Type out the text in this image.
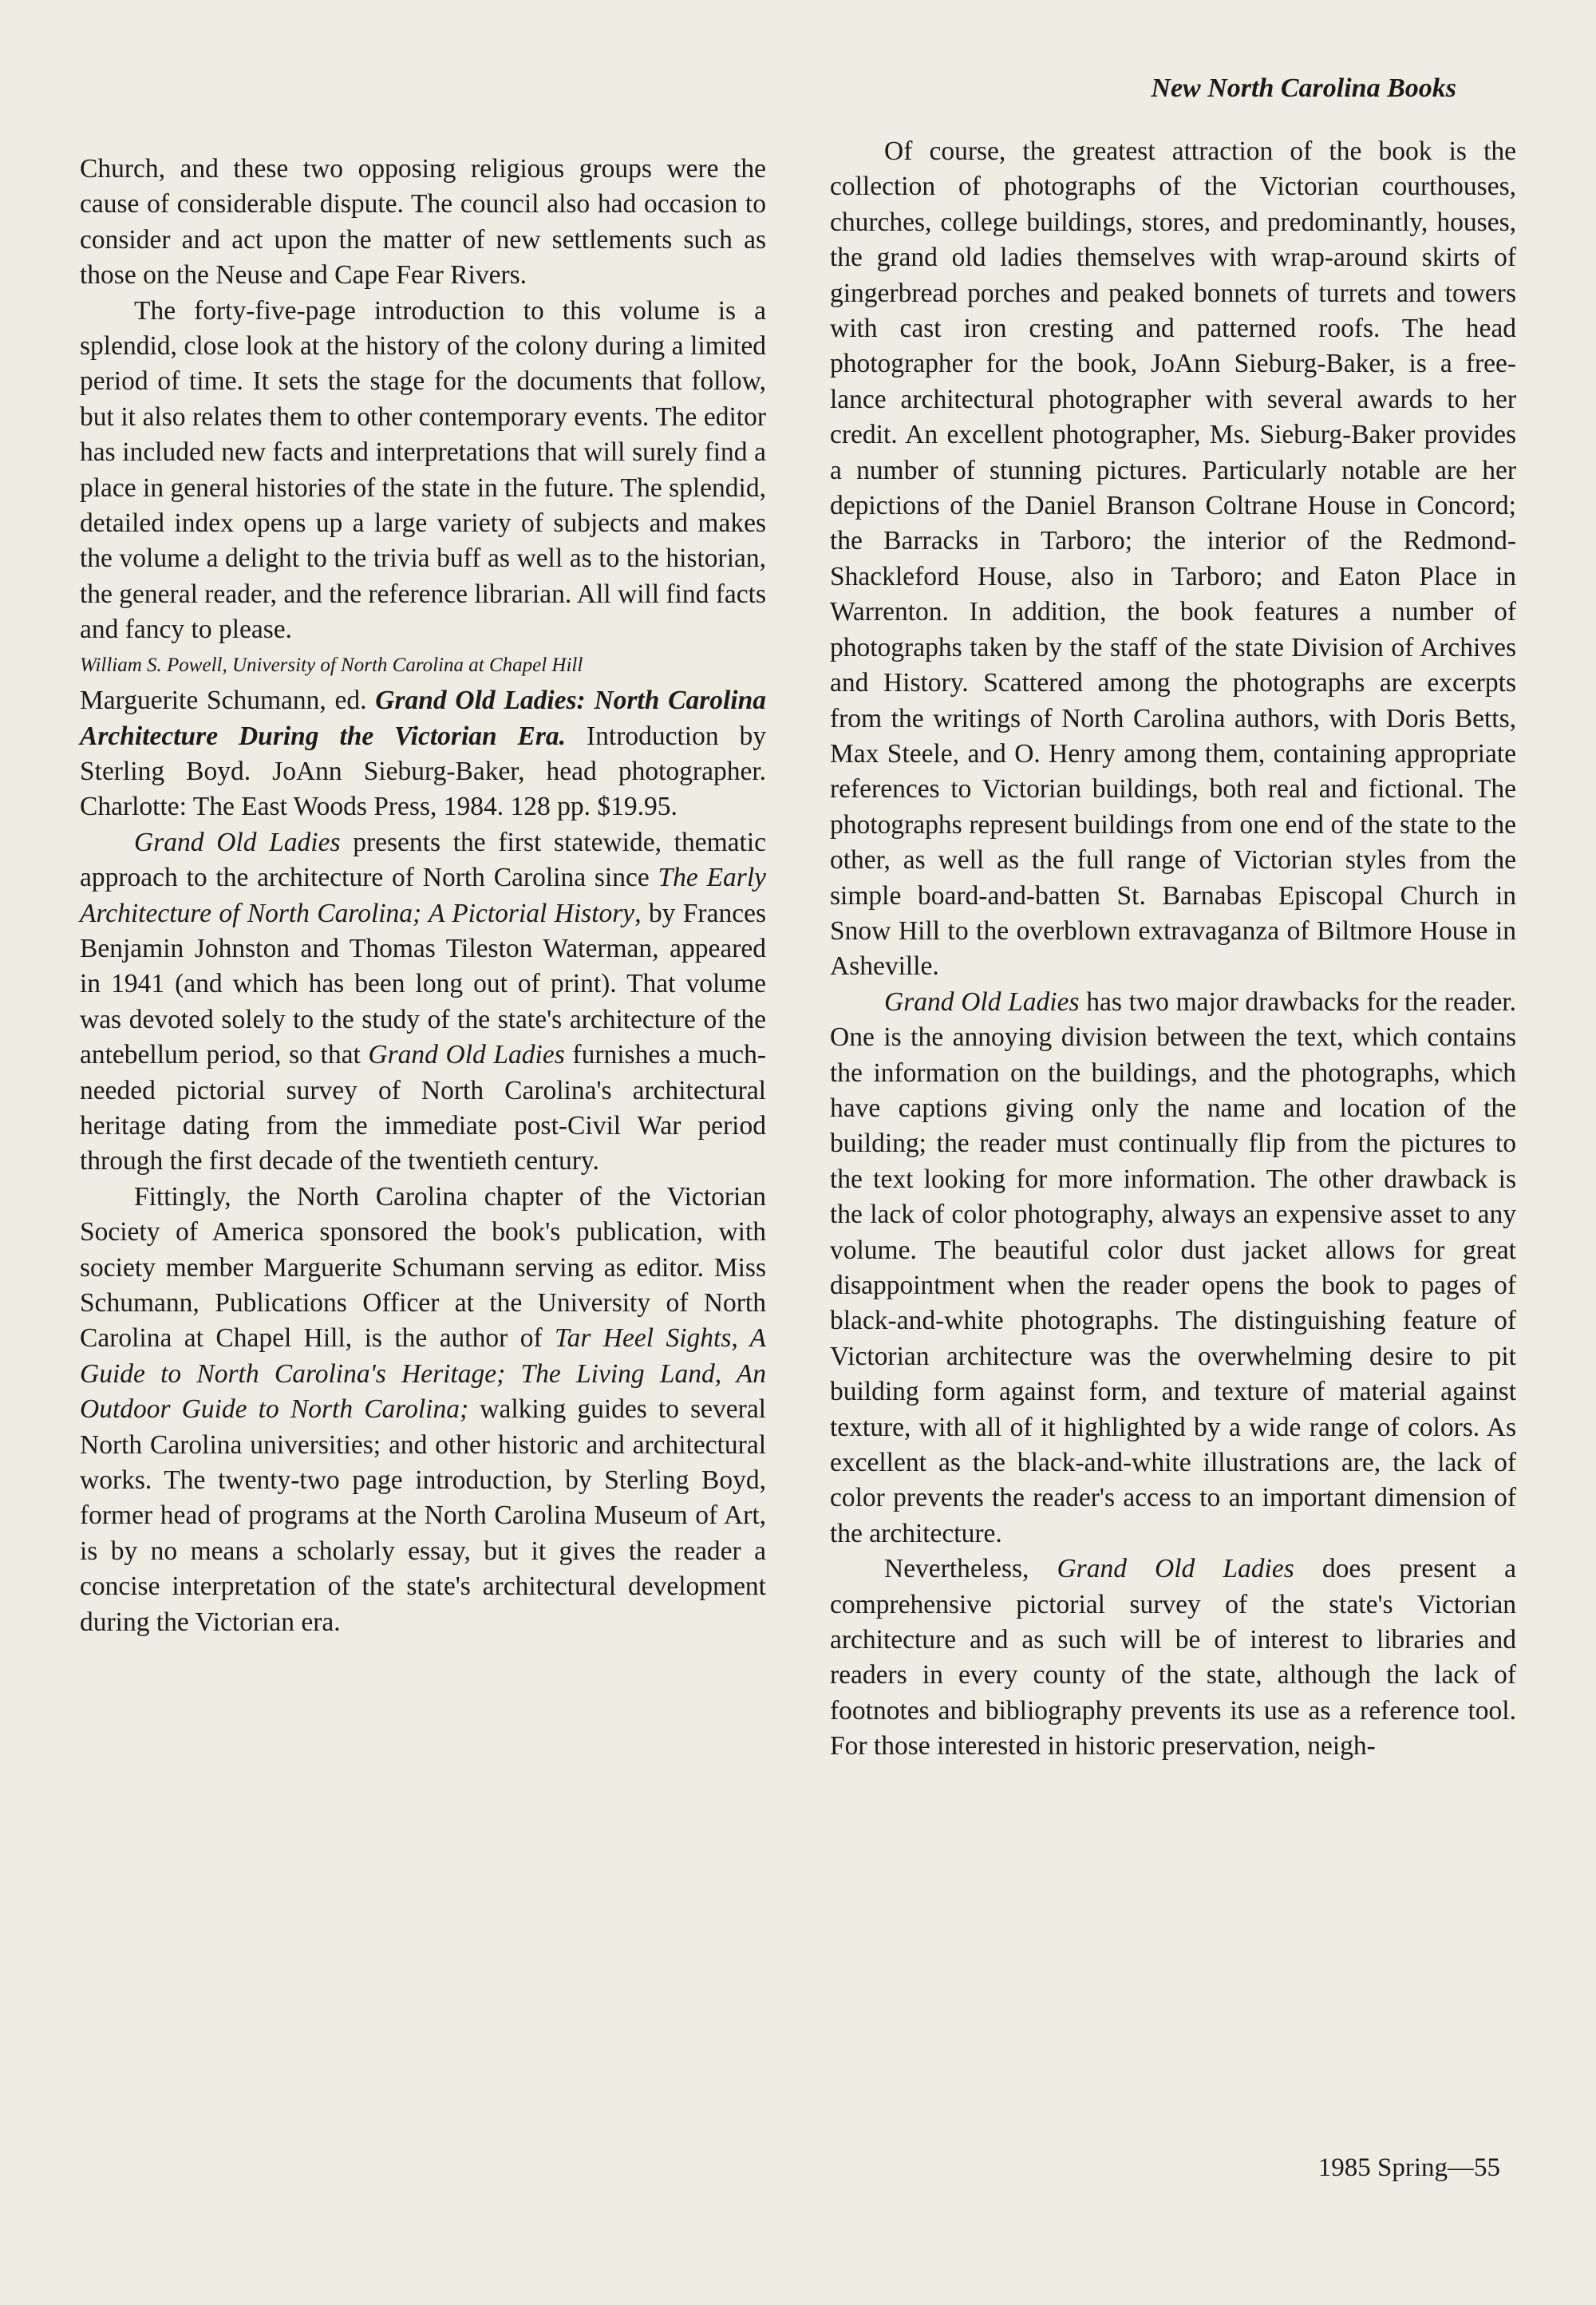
New North Carolina Books

Church, and these two opposing religious groups were the cause of considerable dispute. The council also had occasion to consider and act upon the matter of new settlements such as those on the Neuse and Cape Fear Rivers.

The forty-five-page introduction to this volume is a splendid, close look at the history of the colony during a limited period of time. It sets the stage for the documents that follow, but it also relates them to other contemporary events. The editor has included new facts and interpretations that will surely find a place in general histories of the state in the future. The splendid, detailed index opens up a large variety of subjects and makes the volume a delight to the trivia buff as well as to the historian, the general reader, and the reference librarian. All will find facts and fancy to please.

William S. Powell, University of North Carolina at Chapel Hill

Marguerite Schumann, ed. Grand Old Ladies: North Carolina Architecture During the Victorian Era. Introduction by Sterling Boyd. JoAnn Sieburg-Baker, head photographer. Charlotte: The East Woods Press, 1984. 128 pp. $19.95.

Grand Old Ladies presents the first statewide, thematic approach to the architecture of North Carolina since The Early Architecture of North Carolina; A Pictorial History, by Frances Benjamin Johnston and Thomas Tileston Waterman, appeared in 1941 (and which has been long out of print). That volume was devoted solely to the study of the state's architecture of the antebellum period, so that Grand Old Ladies furnishes a much-needed pictorial survey of North Carolina's architectural heritage dating from the immediate post-Civil War period through the first decade of the twentieth century.

Fittingly, the North Carolina chapter of the Victorian Society of America sponsored the book's publication, with society member Marguerite Schumann serving as editor. Miss Schumann, Publications Officer at the University of North Carolina at Chapel Hill, is the author of Tar Heel Sights, A Guide to North Carolina's Heritage; The Living Land, An Outdoor Guide to North Carolina; walking guides to several North Carolina universities; and other historic and architectural works. The twenty-two page introduction, by Sterling Boyd, former head of programs at the North Carolina Museum of Art, is by no means a scholarly essay, but it gives the reader a concise interpretation of the state's architectural development during the Victorian era.

Of course, the greatest attraction of the book is the collection of photographs of the Victorian courthouses, churches, college buildings, stores, and predominantly, houses, the grand old ladies themselves with wrap-around skirts of gingerbread porches and peaked bonnets of turrets and towers with cast iron cresting and patterned roofs. The head photographer for the book, JoAnn Sieburg-Baker, is a free-lance architectural photographer with several awards to her credit. An excellent photographer, Ms. Sieburg-Baker provides a number of stunning pictures. Particularly notable are her depictions of the Daniel Branson Coltrane House in Concord; the Barracks in Tarboro; the interior of the Redmond-Shackleford House, also in Tarboro; and Eaton Place in Warrenton. In addition, the book features a number of photographs taken by the staff of the state Division of Archives and History. Scattered among the photographs are excerpts from the writings of North Carolina authors, with Doris Betts, Max Steele, and O. Henry among them, containing appropriate references to Victorian buildings, both real and fictional. The photographs represent buildings from one end of the state to the other, as well as the full range of Victorian styles from the simple board-and-batten St. Barnabas Episcopal Church in Snow Hill to the overblown extravaganza of Biltmore House in Asheville.

Grand Old Ladies has two major drawbacks for the reader. One is the annoying division between the text, which contains the information on the buildings, and the photographs, which have captions giving only the name and location of the building; the reader must continually flip from the pictures to the text looking for more information. The other drawback is the lack of color photography, always an expensive asset to any volume. The beautiful color dust jacket allows for great disappointment when the reader opens the book to pages of black-and-white photographs. The distinguishing feature of Victorian architecture was the overwhelming desire to pit building form against form, and texture of material against texture, with all of it highlighted by a wide range of colors. As excellent as the black-and-white illustrations are, the lack of color prevents the reader's access to an important dimension of the architecture.

Nevertheless, Grand Old Ladies does present a comprehensive pictorial survey of the state's Victorian architecture and as such will be of interest to libraries and readers in every county of the state, although the lack of footnotes and bibliography prevents its use as a reference tool. For those interested in historic preservation, neigh-

1985 Spring—55
